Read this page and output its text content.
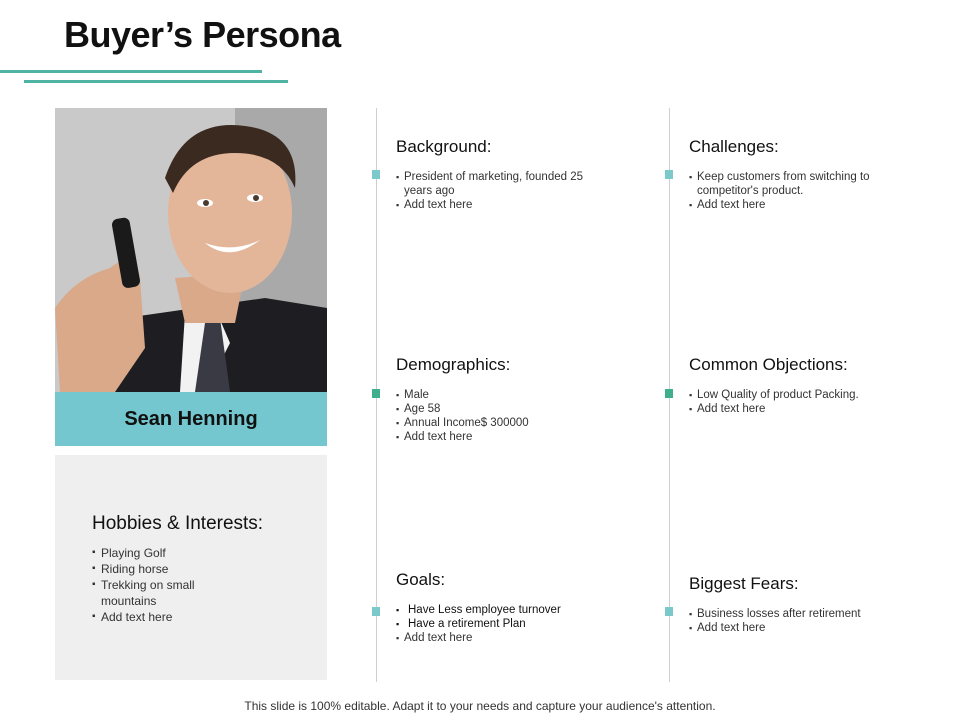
Buyer’s Persona
Sean Henning
Hobbies & Interests:
▪ Playing Golf
▪ Riding horse
▪ Trekking on small mountains
▪ Add text here
Background:
▪ President of marketing, founded 25 years ago
▪ Add text here
Challenges:
▪ Keep customers from switching to competitor's product.
▪ Add text here
Demographics:
▪ Male
▪ Age 58
▪ Annual Income$ 300000
▪ Add text here
Common Objections:
▪ Low Quality of product Packing.
▪ Add text here
Goals:
▪ Have Less employee turnover
▪ Have a retirement Plan
▪ Add text here
Biggest Fears:
▪ Business losses after retirement
▪ Add text here
This slide is 100% editable. Adapt it to your needs and capture your audience's attention.
